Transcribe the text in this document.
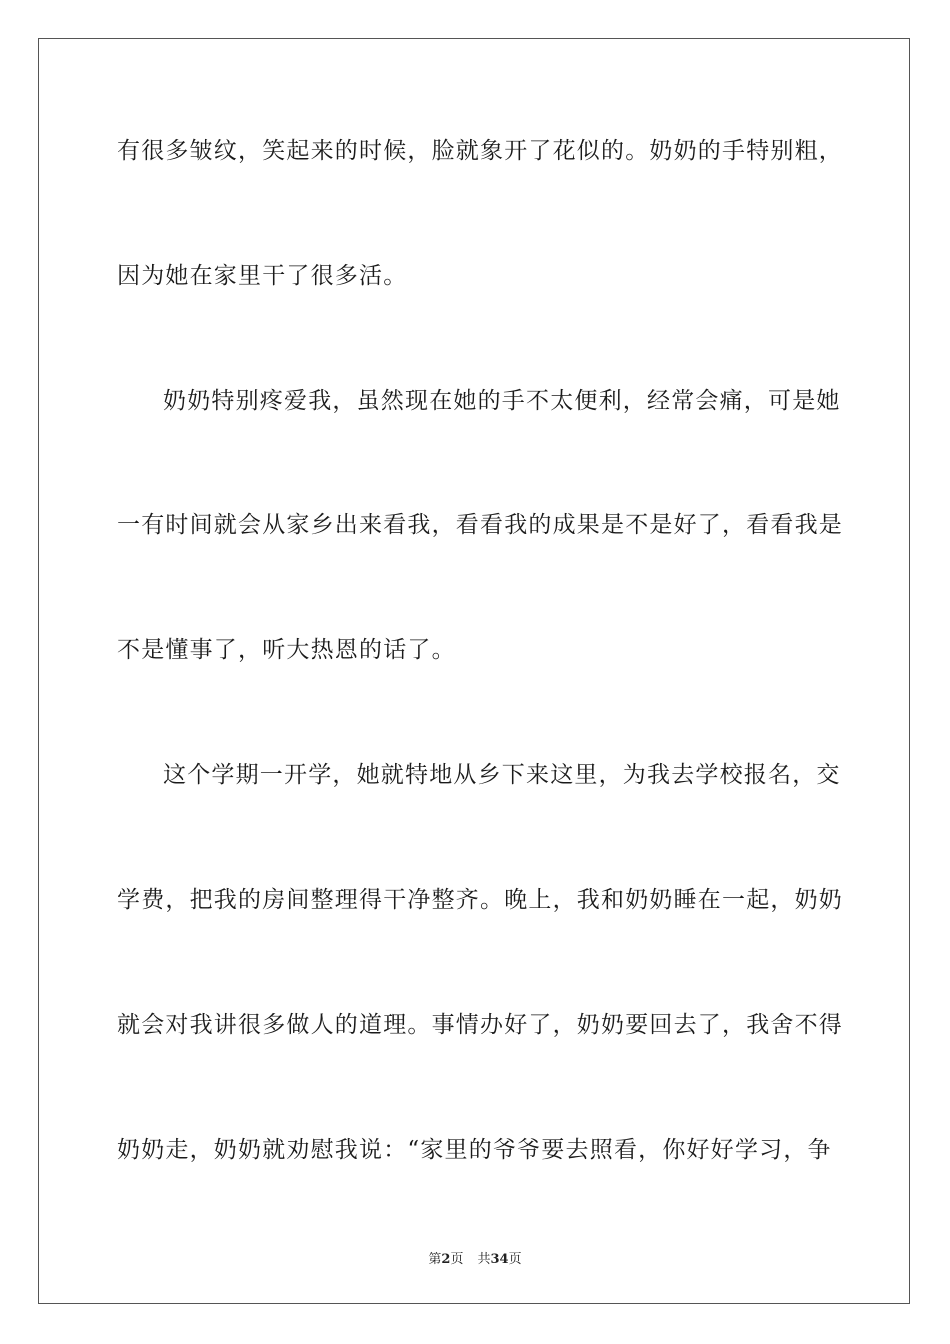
有很多皱纹，笑起来的时候，脸就象开了花似的。奶奶的手特别粗，
因为她在家里干了很多活。
奶奶特别疼爱我，虽然现在她的手不太便利，经常会痛，可是她
一有时间就会从家乡出来看我，看看我的成果是不是好了，看看我是
不是懂事了，听大热恩的话了。
这个学期一开学，她就特地从乡下来这里，为我去学校报名，交
学费，把我的房间整理得干净整齐。晚上，我和奶奶睡在一起，奶奶
就会对我讲很多做人的道理。事情办好了，奶奶要回去了，我舍不得
奶奶走，奶奶就劝慰我说：“家里的爷爷要去照看，你好好学习，争
第2页 共34页
